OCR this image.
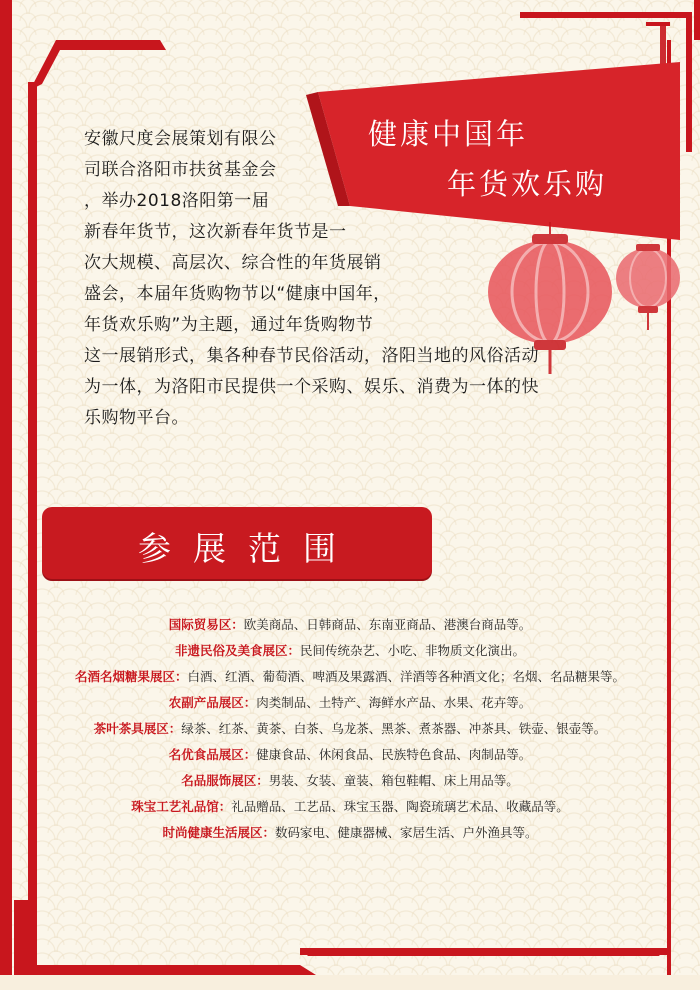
健康中国年
年货欢乐购
安徽尺度会展策划有限公
司联合洛阳市扶贫基金会
，举办2018洛阳第一届
新春年货节，这次新春年货节是一
次大规模、高层次、综合性的年货展销
盛会，本届年货购物节以“健康中国年，
年货欢乐购”为主题，通过年货购物节
这一展销形式，集各种春节民俗活动，洛阳当地的风俗活动
为一体，为洛阳市民提供一个采购、娱乐、消费为一体的快
乐购物平台。
参展范围
国际贸易区 ： 欧美商品、日韩商品、东南亚商品、港澳台商品等。
非遗民俗及美食展区 ： 民间传统杂艺、小吃、非物质文化演出。
名酒名烟糖果展区 ： 白酒、红酒、葡萄酒、啤酒及果露酒、洋酒等各种酒文化；名烟、名品糖果等。
农副产品展区 ： 肉类制品、土特产、海鲜水产品、水果、花卉等。
茶叶茶具展区 ： 绿茶、红茶、黄茶、白茶、乌龙茶、黑茶、煮茶器、冲茶具、铁壶、银壶等。
名优食品展区 ： 健康食品、休闲食品、民族特色食品、肉制品等。
名品服饰展区 ： 男装、女装、童装、箱包鞋帽、床上用品等。
珠宝工艺礼品馆 ： 礼品赠品、工艺品、珠宝玉器、陶瓷琉璃艺术品、收藏品等。
时尚健康生活展区 ： 数码家电、健康器械、家居生活、户外渔具等。
